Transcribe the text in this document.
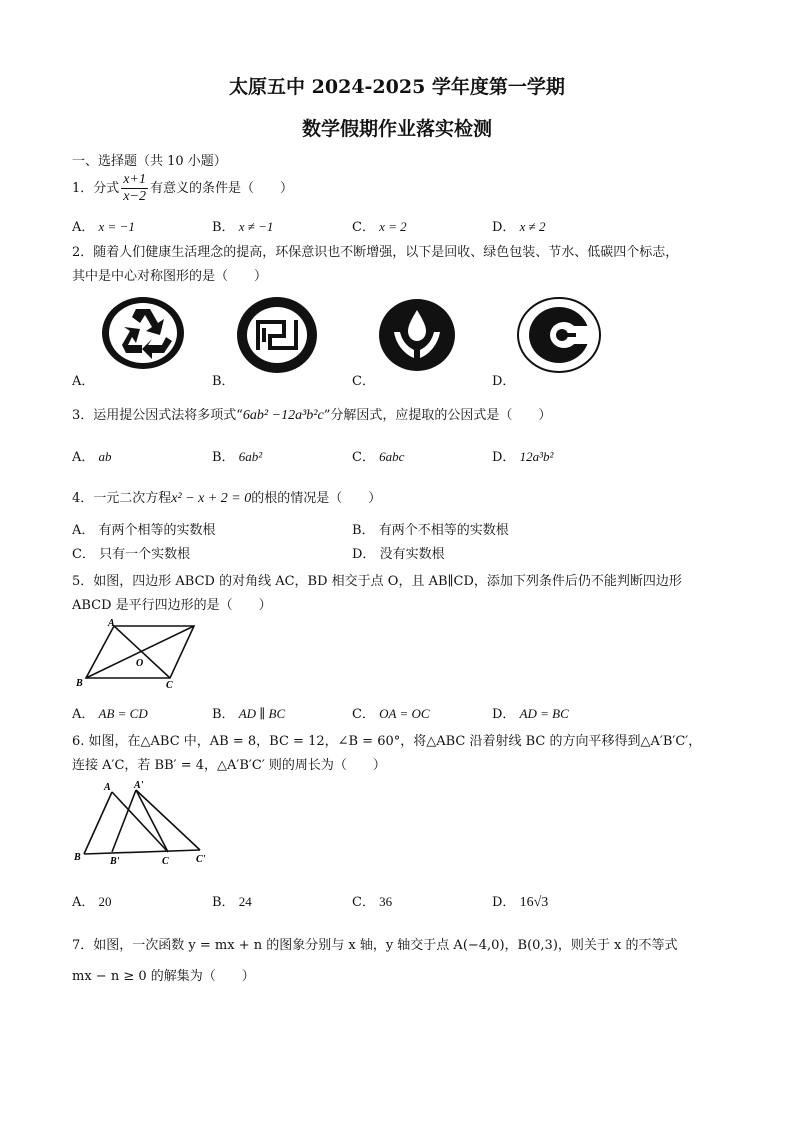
太原五中 2024-2025 学年度第一学期
数学假期作业落实检测
一、选择题（共 10 小题）
1．分式 $\frac{x+1}{x-2}$ 有意义的条件是（　　）
A． x = −1	B． x ≠ −1	C． x = 2	D． x ≠ 2
2．随着人们健康生活理念的提高，环保意识也不断增强，以下是回收、绿色包装、节水、低碳四个标志，
其中是中心对称图形的是（　　）
A．	B．	C．	D．
3．运用提公因式法将多项式“6ab² −12a³b²c”分解因式，应提取的公因式是（　　）
A． ab	B． 6ab²	C． 6abc	D． 12a³b²
4．一元二次方程x² − x + 2 = 0的根的情况是（　　）
A． 有两个相等的实数根	B． 有两个不相等的实数根
C． 只有一个实数根	D． 没有实数根
5．如图，四边形 ABCD 的对角线 AC，BD 相交于点 O，且 AB∥CD，添加下列条件后仍不能判断四边形
ABCD 是平行四边形的是（　　）
A
B	C
O
A． AB = CD	B． AD ∥ BC	C． OA = OC	D． AD = BC
6. 如图，在△ABC 中，AB = 8，BC = 12，∠B = 60°，将△ABC 沿着射线 BC 的方向平移得到△A′B′C′，
连接 A′C，若 BB′ = 4，△A′B′C′ 则的周长为（　　）
A A'
B	B'	C	C'
A． 20	B． 24	C． 36	D． 16√3
7．如图，一次函数 y = mx + n 的图象分别与 x 轴，y 轴交于点 A(−4,0)，B(0,3)，则关于 x 的不等式
mx − n ≥ 0 的解集为（　　）
